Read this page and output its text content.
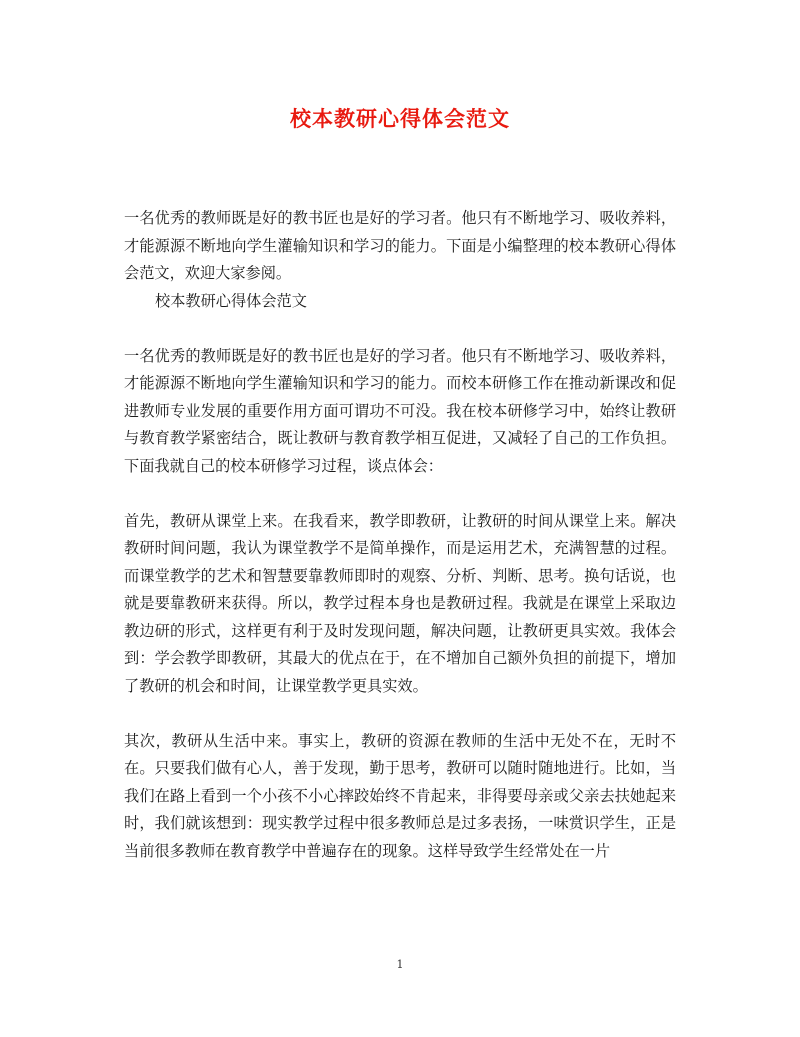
校本教研心得体会范文

一名优秀的教师既是好的教书匠也是好的学习者。他只有不断地学习、吸收养料，才能源源不断地向学生灌输知识和学习的能力。下面是小编整理的校本教研心得体会范文，欢迎大家参阅。

校本教研心得体会范文

一名优秀的教师既是好的教书匠也是好的学习者。他只有不断地学习、吸收养料，才能源源不断地向学生灌输知识和学习的能力。而校本研修工作在推动新课改和促进教师专业发展的重要作用方面可谓功不可没。我在校本研修学习中，始终让教研与教育教学紧密结合，既让教研与教育教学相互促进，又减轻了自己的工作负担。下面我就自己的校本研修学习过程，谈点体会：

首先，教研从课堂上来。在我看来，教学即教研，让教研的时间从课堂上来。解决教研时间问题，我认为课堂教学不是简单操作，而是运用艺术，充满智慧的过程。而课堂教学的艺术和智慧要靠教师即时的观察、分析、判断、思考。换句话说，也就是要靠教研来获得。所以，教学过程本身也是教研过程。我就是在课堂上采取边教边研的形式，这样更有利于及时发现问题，解决问题，让教研更具实效。我体会到：学会教学即教研，其最大的优点在于，在不增加自己额外负担的前提下，增加了教研的机会和时间，让课堂教学更具实效。

其次，教研从生活中来。事实上，教研的资源在教师的生活中无处不在，无时不在。只要我们做有心人，善于发现，勤于思考，教研可以随时随地进行。比如，当我们在路上看到一个小孩不小心摔跤始终不肯起来，非得要母亲或父亲去扶她起来时，我们就该想到：现实教学过程中很多教师总是过多表扬，一味赏识学生，正是当前很多教师在教育教学中普遍存在的现象。这样导致学生经常处在一片

1
